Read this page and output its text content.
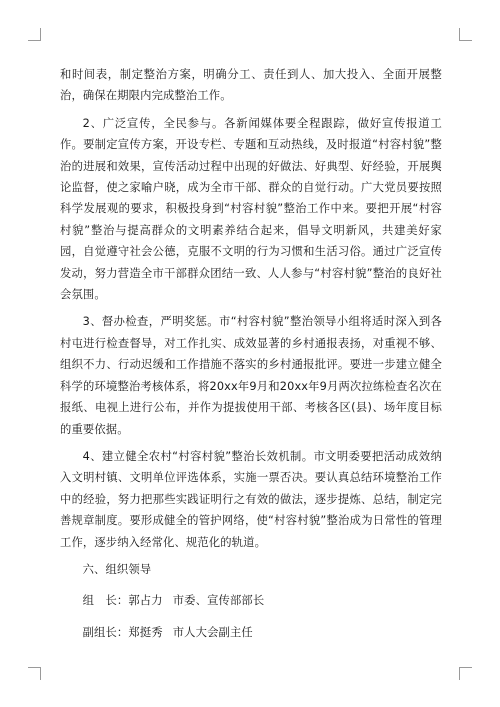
和时间表，制定整治方案，明确分工、责任到人、加大投入、全面开展整治，确保在期限内完成整治工作。

2、广泛宣传，全民参与。各新闻媒体要全程跟踪，做好宣传报道工作。要制定宣传方案，开设专栏、专题和互动热线，及时报道“村容村貌”整治的进展和效果，宣传活动过程中出现的好做法、好典型、好经验，开展舆论监督，使之家喻户晓，成为全市干部、群众的自觉行动。广大党员要按照科学发展观的要求，积极投身到“村容村貌”整治工作中来。要把开展“村容村貌”整治与提高群众的文明素养结合起来，倡导文明新风，共建美好家园，自觉遵守社会公德，克服不文明的行为习惯和生活习俗。通过广泛宣传发动，努力营造全市干部群众团结一致、人人参与“村容村貌”整治的良好社会氛围。

3、督办检查，严明奖惩。市“村容村貌”整治领导小组将适时深入到各村屯进行检查督导，对工作扎实、成效显著的乡村通报表扬，对重视不够、组织不力、行动迟缓和工作措施不落实的乡村通报批评。要进一步建立健全科学的环境整治考核体系，将20xx年9月和20xx年9月两次拉练检查名次在报纸、电视上进行公布，并作为提拔使用干部、考核各区(县)、场年度目标的重要依据。

4、建立健全农村“村容村貌”整治长效机制。市文明委要把活动成效纳入文明村镇、文明单位评选体系，实施一票否决。要认真总结环境整治工作中的经验，努力把那些实践证明行之有效的做法，逐步提炼、总结，制定完善规章制度。要形成健全的管护网络，使“村容村貌”整治成为日常性的管理工作，逐步纳入经常化、规范化的轨道。

六、组织领导

组　长：郭占力 市委、宣传部部长
副组长：郑挺秀 市人大会副主任
